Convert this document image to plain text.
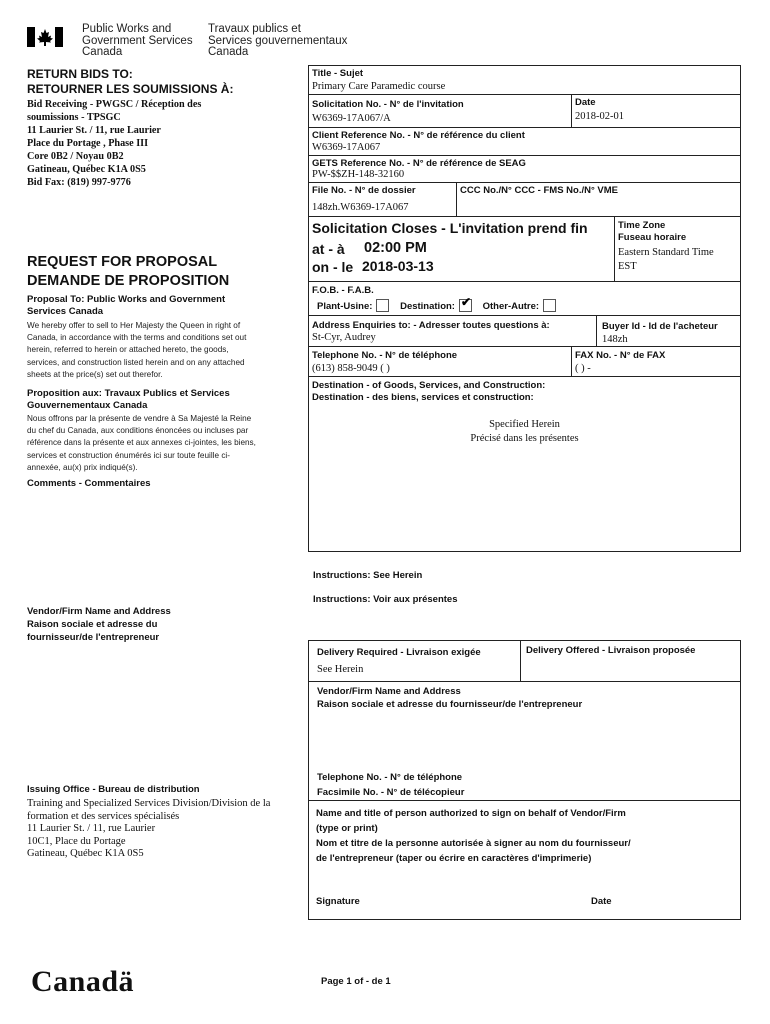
Public Works and
Government Services
Canada
Travaux publics et
Services gouvernementaux
Canada
RETURN BIDS TO:
RETOURNER LES SOUMISSIONS À:
Bid Receiving - PWGSC / Réception des
soumissions - TPSGC
11 Laurier St. / 11, rue Laurier
Place du Portage , Phase III
Core 0B2 / Noyau 0B2
Gatineau, Québec K1A 0S5
Bid Fax: (819) 997-9776
REQUEST FOR PROPOSAL
DEMANDE DE PROPOSITION
Proposal To: Public Works and Government Services Canada
We hereby offer to sell to Her Majesty the Queen in right of Canada, in accordance with the terms and conditions set out herein, referred to herein or attached hereto, the goods, services, and construction listed herein and on any attached sheets at the price(s) set out therefor.
Proposition aux: Travaux Publics et Services Gouvernementaux Canada
Nous offrons par la présente de vendre à Sa Majesté la Reine du chef du Canada, aux conditions énoncées ou incluses par référence dans la présente et aux annexes ci-jointes, les biens, services et construction énumérés ici sur toute feuille ci-annexée, au(x) prix indiqué(s).
Comments - Commentaires
Vendor/Firm Name and Address
Raison sociale et adresse du
fournisseur/de l'entrepreneur
Issuing Office - Bureau de distribution
Training and Specialized Services Division/Division de la
formation et des services spécialisés
11 Laurier St. / 11, rue Laurier
10C1, Place du Portage
Gatineau, Québec K1A 0S5
Title - Sujet
Primary Care Paramedic course
Solicitation No. - N° de l'invitation
W6369-17A067/A
Date
2018-02-01
Client Reference No. - N° de référence du client
W6369-17A067
GETS Reference No. - N° de référence de SEAG
PW-$$ZH-148-32160
File No. - N° de dossier
148zh.W6369-17A067
CCC No./N° CCC - FMS No./N° VME
Solicitation Closes - L'invitation prend fin
at - à 02:00 PM
on - le 2018-03-13
Time Zone
Fuseau horaire
Eastern Standard Time
EST
F.O.B. - F.A.B.
Plant-Usine:	Destination:✔	Other-Autre:
Address Enquiries to: - Adresser toutes questions à:
St-Cyr, Audrey
Buyer Id - Id de l'acheteur
148zh
Telephone No. - N° de téléphone
(613) 858-9049 ( )
FAX No. - N° de FAX
( ) -
Destination - of Goods, Services, and Construction:
Destination - des biens, services et construction:
Specified Herein
Précisé dans les présentes
Instructions: See Herein
Instructions: Voir aux présentes
Delivery Required - Livraison exigée
See Herein
Delivery Offered - Livraison proposée
Vendor/Firm Name and Address
Raison sociale et adresse du fournisseur/de l'entrepreneur
Telephone No. - N° de téléphone
Facsimile No. - N° de télécopieur
Name and title of person authorized to sign on behalf of Vendor/Firm
(type or print)
Nom et titre de la personne autorisée à signer au nom du fournisseur/
de l'entrepreneur (taper ou écrire en caractères d'imprimerie)
Signature	Date
Canadä	Page 1 of - de 1
